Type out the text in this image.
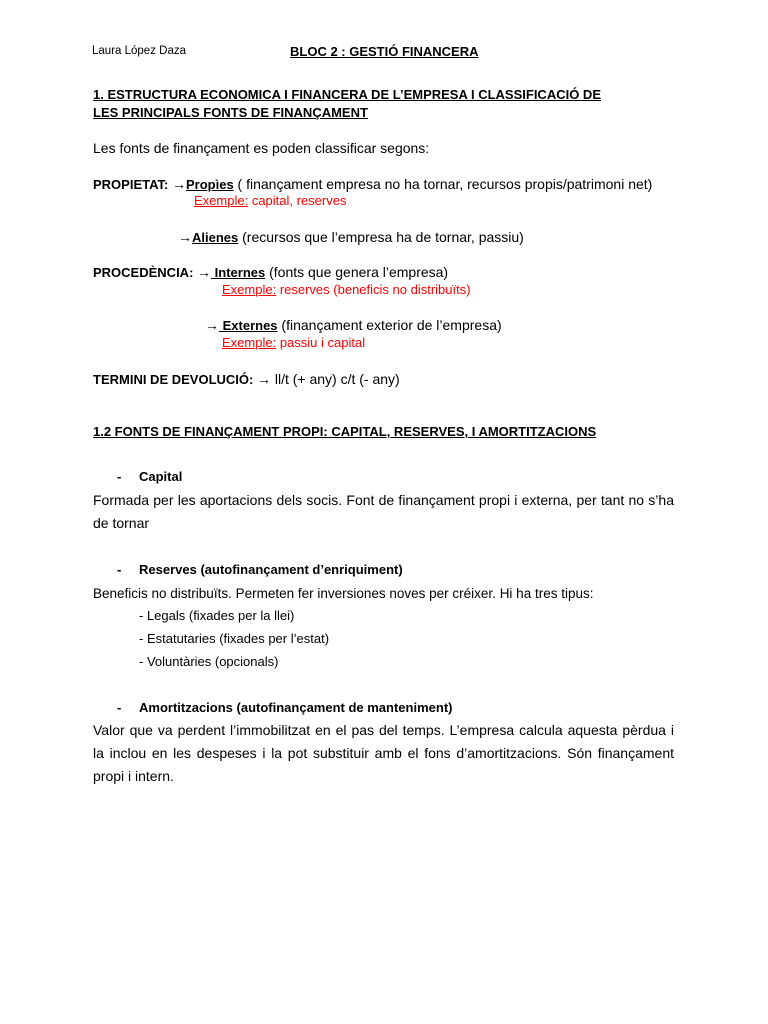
Laura López Daza	BLOC 2 : GESTIÓ FINANCERA
1. ESTRUCTURA ECONOMICA I FINANCERA DE L’EMPRESA I CLASSIFICACIÓ DE
LES PRINCIPALS FONTS DE FINANÇAMENT
Les fonts de finançament es poden classificar segons:
PROPIETAT: →Propìes ( finançament empresa no ha tornar, recursos propis/patrimoni net)
Exemple: capital, reserves
→Alienes (recursos que l’empresa ha de tornar, passiu)
PROCEDÈNCIA: → Internes (fonts que genera l’empresa)
Exemple: reserves (beneficis no distribuïts)
→ Externes (finançament exterior de l’empresa)
Exemple: passiu i capital
TERMINI DE DEVOLUCIÓ: → ll/t (+ any) c/t (- any)
1.2 FONTS DE FINANÇAMENT PROPI: CAPITAL, RESERVES, I AMORTITZACIONS
- Capital
Formada per les aportacions dels socis. Font de finançament propi i externa, per tant no s’ha de tornar
- Reserves (autofinançament d’enriquiment)
Beneficis no distribuïts. Permeten fer inversiones noves per créixer. Hi ha tres tipus:
- Legals (fixades per la llei)
- Estatutaries (fixades per l’estat)
- Voluntàries (opcionals)
- Amortitzacions (autofinançament de manteniment)
Valor que va perdent l’immobilitzat en el pas del temps. L’empresa calcula aquesta pèrdua i la inclou en les despeses i la pot substituir amb el fons d’amortitzacions. Són finançament propi i intern.
